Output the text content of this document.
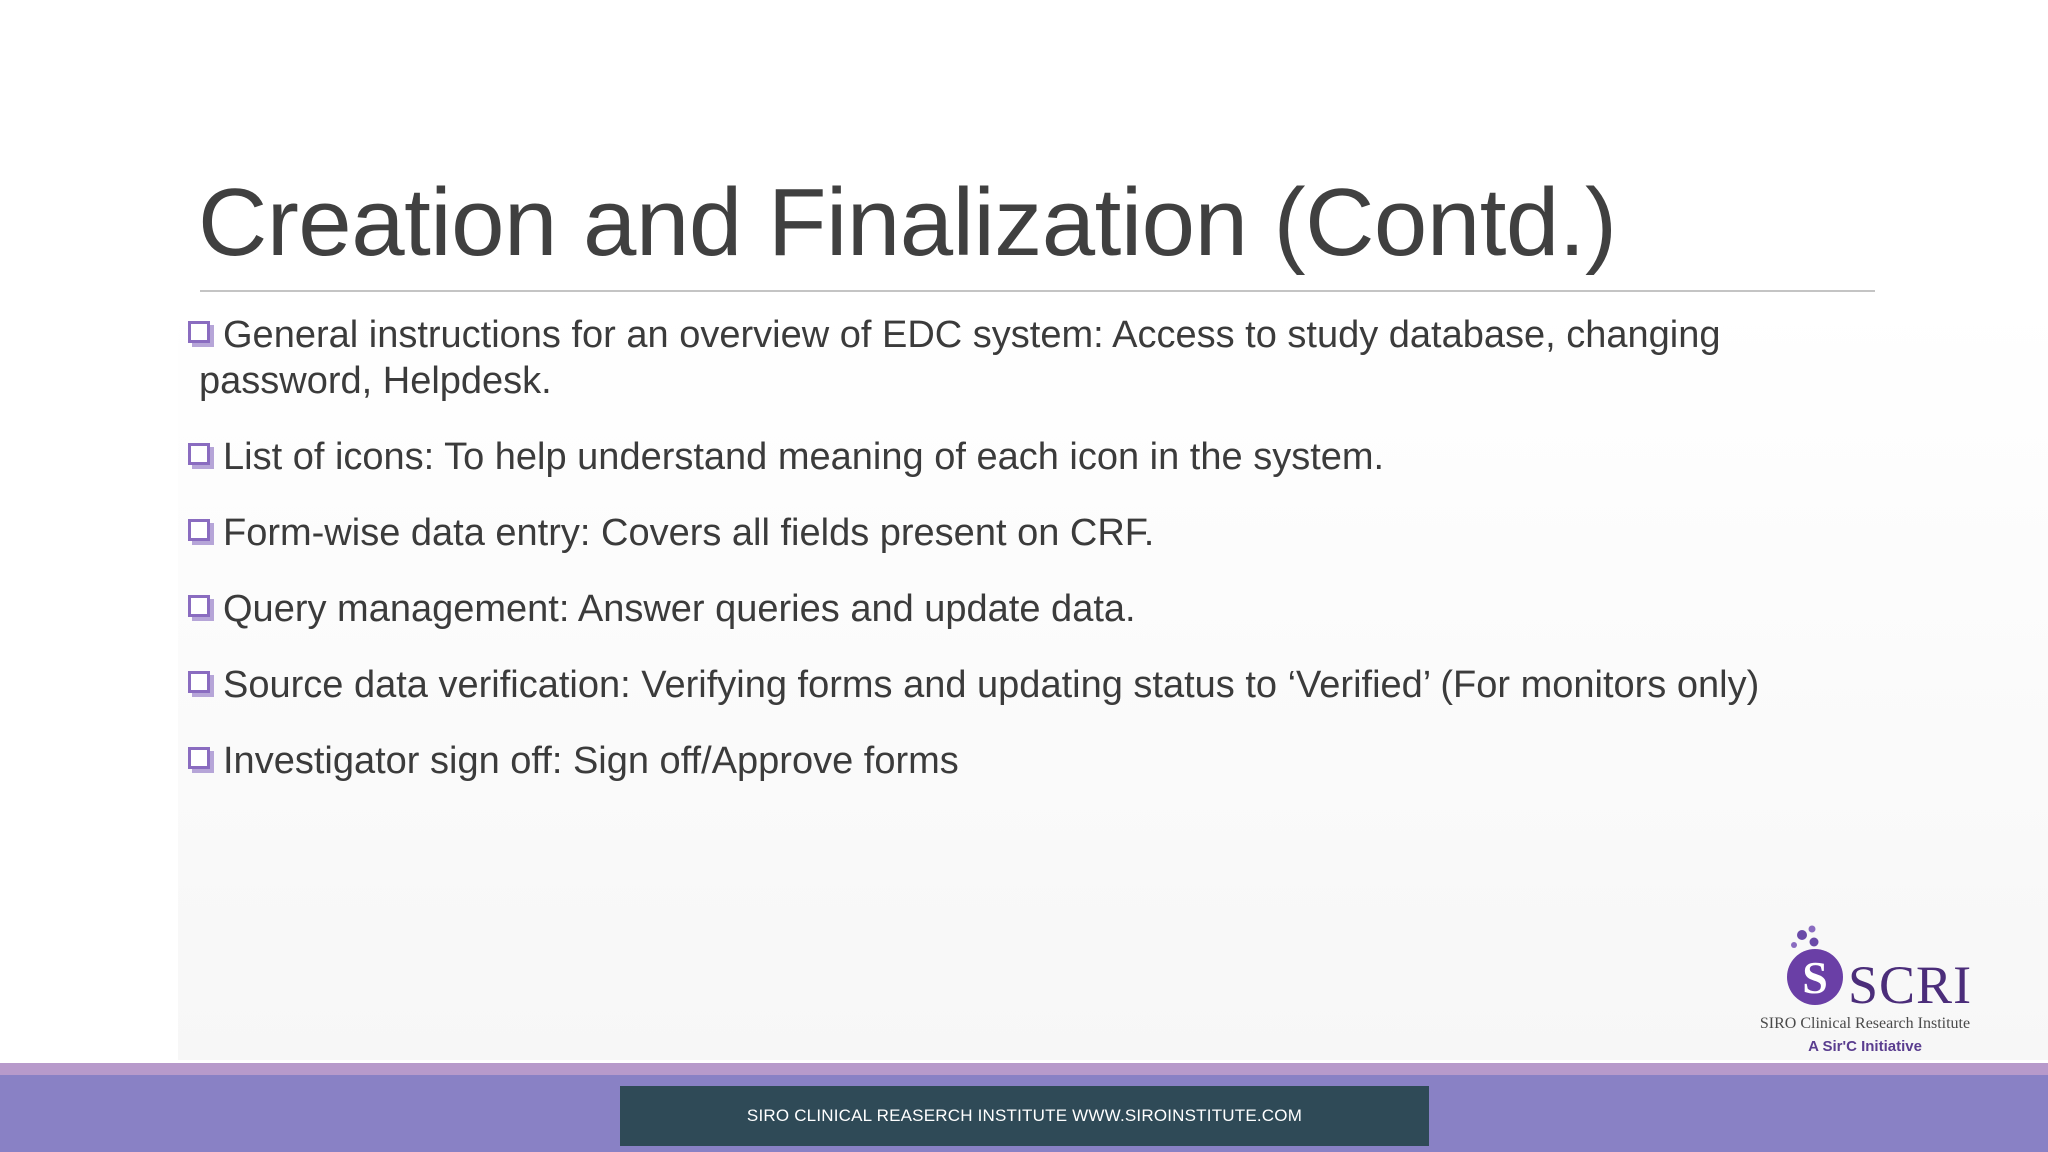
Creation and Finalization (Contd.)
General instructions for an overview of EDC system: Access to study database, changing
password, Helpdesk.
List of icons: To help understand meaning of each icon in the system.
Form-wise data entry: Covers all fields present on CRF.
Query management: Answer queries and update data.
Source data verification: Verifying forms and updating status to ‘Verified’ (For monitors only)
Investigator sign off: Sign off/Approve forms
S SCRI
SIRO Clinical Research Institute
A Sir'C Initiative
SIRO CLINICAL REASERCH INSTITUTE WWW.SIROINSTITUTE.COM
